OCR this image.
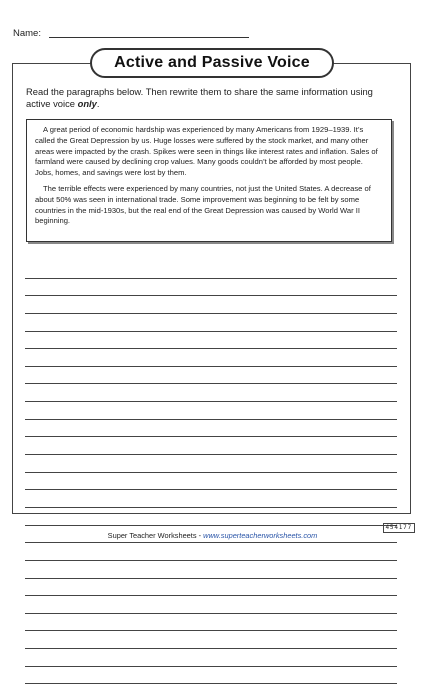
Name:
Active and Passive Voice
Read the paragraphs below. Then rewrite them to share the same information using active voice only.

A great period of economic hardship was experienced by many Americans from 1929–1939. It’s called the Great Depression by us. Huge losses were suffered by the stock market, and many other areas were impacted by the crash. Spikes were seen in things like interest rates and inflation. Sales of farmland were caused by declining crop values. Many goods couldn’t be afforded by most people. Jobs, homes, and savings were lost by them.

The terrible effects were experienced by many countries, not just the United States. A decrease of about 50% was seen in international trade. Some improvement was beginning to be felt by some countries in the mid-1930s, but the real end of the Great Depression was caused by World War II beginning.

Super Teacher Worksheets - www.superteacherworksheets.com
454177
